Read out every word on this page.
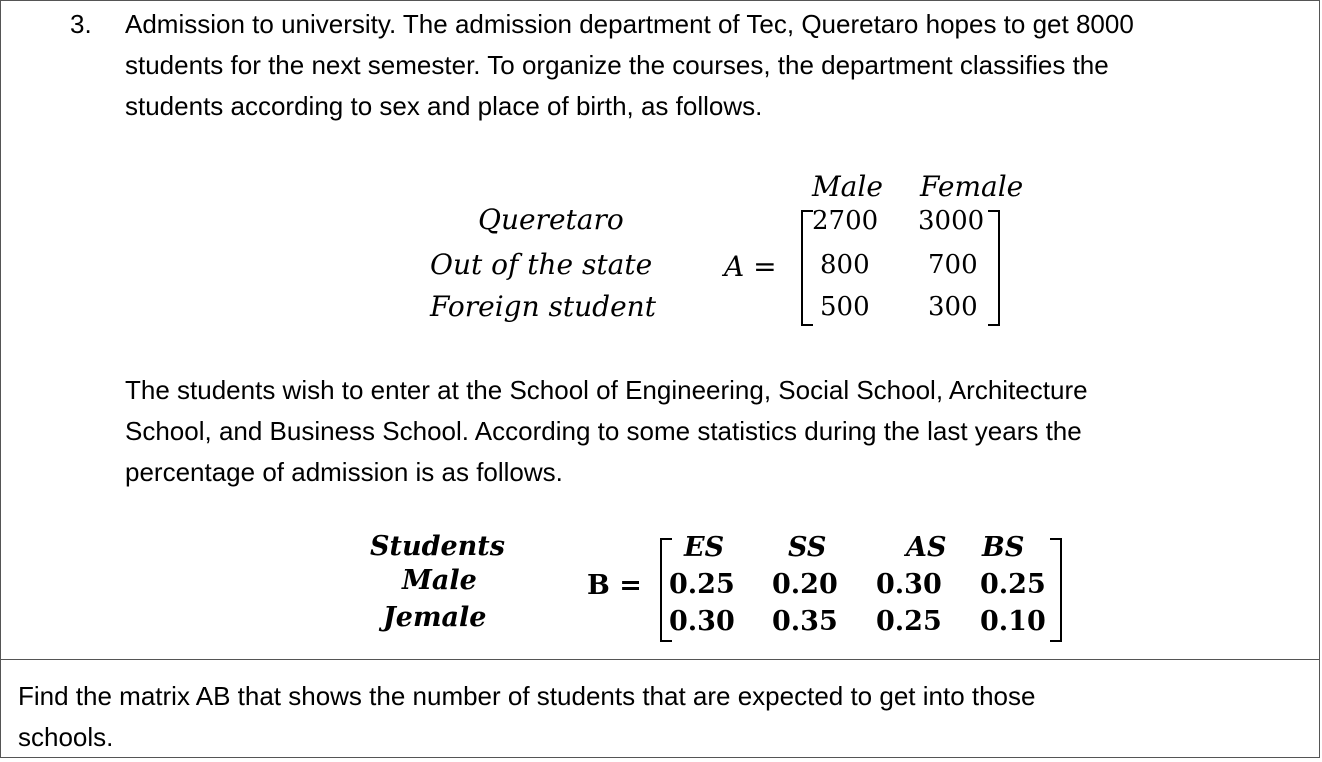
3. Admission to university. The admission department of Tec, Queretaro hopes to get 8000
students for the next semester. To organize the courses, the department classifies the
students according to sex and place of birth, as follows.
Male Female
Queretaro
Out of the state
Foreign student
A =
2700 3000
800 700
500 300
The students wish to enter at the School of Engineering, Social School, Architecture
School, and Business School. According to some statistics during the last years the
percentage of admission is as follows.
Students
Male
Jemale
B =
ES SS	AS BS
0.25 0.20 0.30 0.25
0.30 0.35 0.25 0.10
Find the matrix AB that shows the number of students that are expected to get into those
schools.
